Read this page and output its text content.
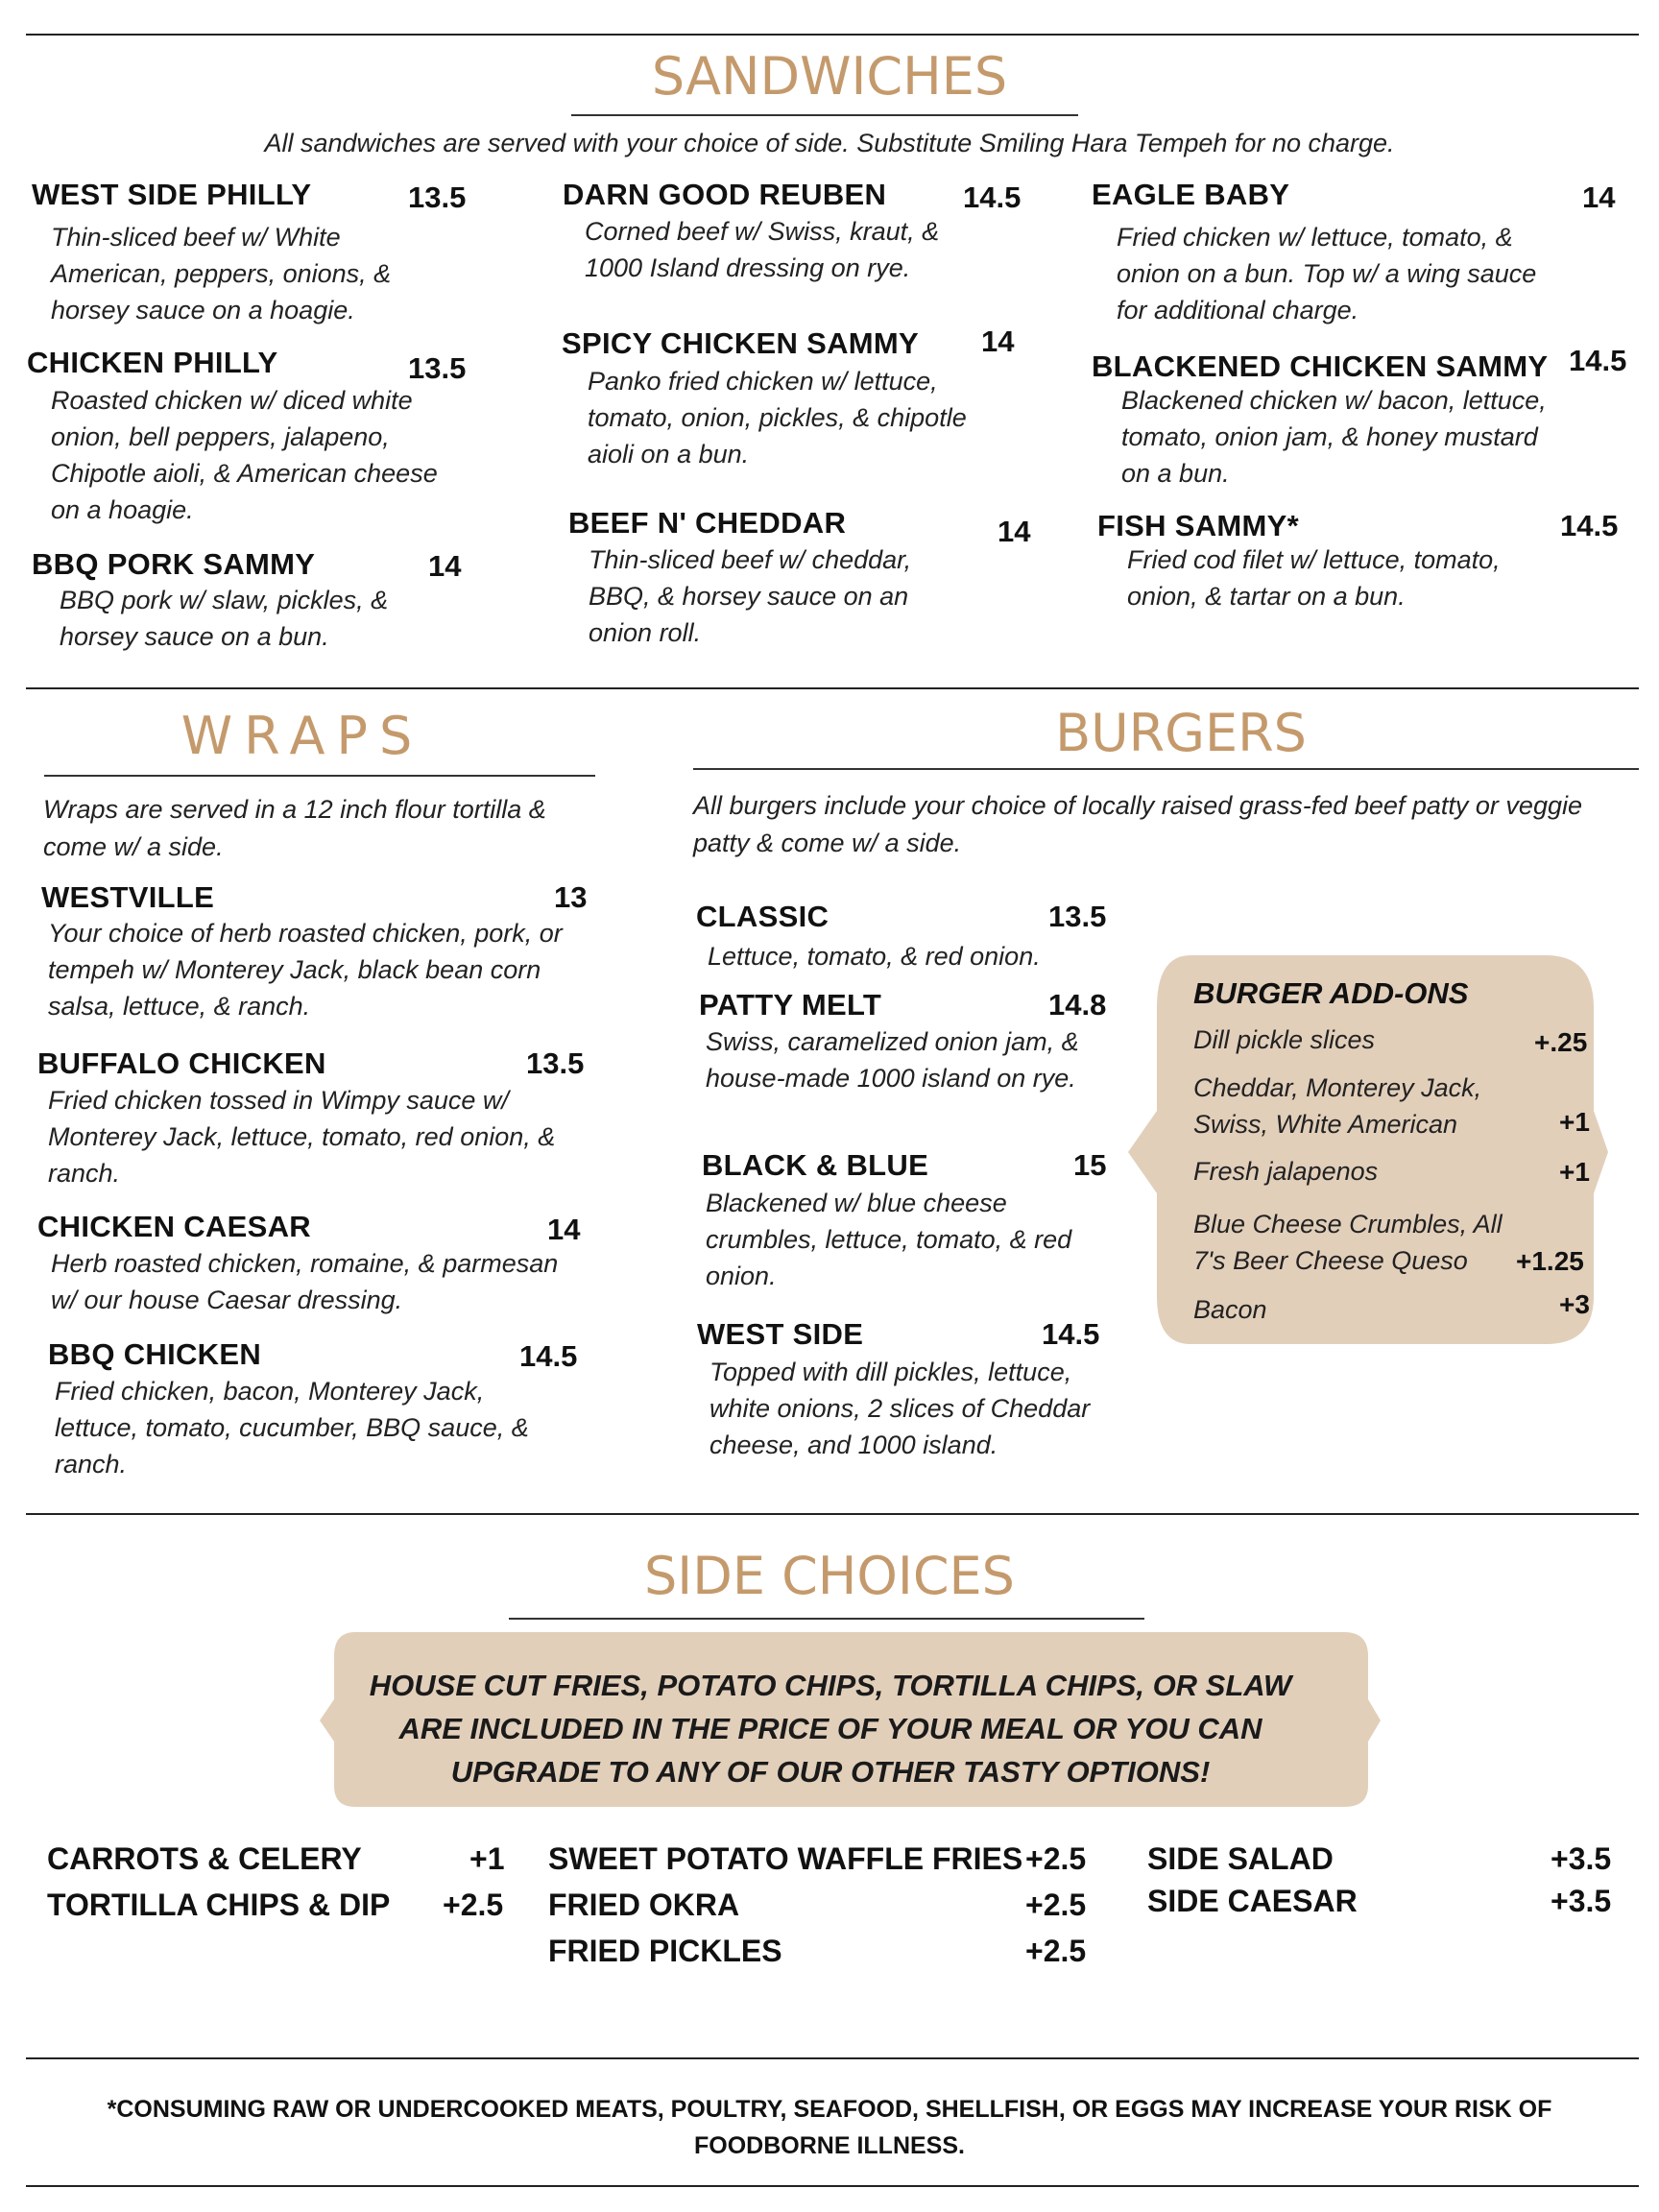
SANDWICHES
All sandwiches are served with your choice of side. Substitute Smiling Hara Tempeh for no charge.
WEST SIDE PHILLY	13.5
Thin-sliced beef w/ White American, peppers, onions, & horsey sauce on a hoagie.
CHICKEN PHILLY	13.5
Roasted chicken w/ diced white onion, bell peppers, jalapeno, Chipotle aioli, & American cheese on a hoagie.
BBQ PORK SAMMY	14
BBQ pork w/ slaw, pickles, & horsey sauce on a bun.
DARN GOOD REUBEN	14.5
Corned beef w/ Swiss, kraut, & 1000 Island dressing on rye.
SPICY CHICKEN SAMMY 14
Panko fried chicken w/ lettuce, tomato, onion, pickles, & chipotle aioli on a bun.
BEEF N' CHEDDAR	14
Thin-sliced beef w/ cheddar, BBQ, & horsey sauce on an onion roll.
EAGLE BABY	14
Fried chicken w/ lettuce, tomato, & onion on a bun. Top w/ a wing sauce for additional charge.
BLACKENED CHICKEN SAMMY 14.5
Blackened chicken w/ bacon, lettuce, tomato, onion jam, & honey mustard on a bun.
FISH SAMMY*	14.5
Fried cod filet w/ lettuce, tomato, onion, & tartar on a bun.
WRAPS
Wraps are served in a 12 inch flour tortilla & come w/ a side.
WESTVILLE	13
Your choice of herb roasted chicken, pork, or tempeh w/ Monterey Jack, black bean corn salsa, lettuce, & ranch.
BUFFALO CHICKEN	13.5
Fried chicken tossed in Wimpy sauce w/ Monterey Jack, lettuce, tomato, red onion, & ranch.
CHICKEN CAESAR	14
Herb roasted chicken, romaine, & parmesan w/ our house Caesar dressing.
BBQ CHICKEN	14.5
Fried chicken, bacon, Monterey Jack, lettuce, tomato, cucumber, BBQ sauce, & ranch.
BURGERS
All burgers include your choice of locally raised grass-fed beef patty or veggie patty & come w/ a side.
CLASSIC	13.5
Lettuce, tomato, & red onion.
PATTY MELT	14.8
Swiss, caramelized onion jam, & house-made 1000 island on rye.
BLACK & BLUE	15
Blackened w/ blue cheese crumbles, lettuce, tomato, & red onion.
WEST SIDE	14.5
Topped with dill pickles, lettuce, white onions, 2 slices of Cheddar cheese, and 1000 island.
BURGER ADD-ONS
Dill pickle slices	+.25
Cheddar, Monterey Jack, Swiss, White American	+1
Fresh jalapenos	+1
Blue Cheese Crumbles, All 7's Beer Cheese Queso	+1.25
Bacon	+3
SIDE CHOICES
HOUSE CUT FRIES, POTATO CHIPS, TORTILLA CHIPS, OR SLAW ARE INCLUDED IN THE PRICE OF YOUR MEAL OR YOU CAN UPGRADE TO ANY OF OUR OTHER TASTY OPTIONS!
CARROTS & CELERY	+1
TORTILLA CHIPS & DIP +2.5
SWEET POTATO WAFFLE FRIES +2.5
FRIED OKRA	+2.5
FRIED PICKLES	+2.5
SIDE SALAD	+3.5
SIDE CAESAR	+3.5
*CONSUMING RAW OR UNDERCOOKED MEATS, POULTRY, SEAFOOD, SHELLFISH, OR EGGS MAY INCREASE YOUR RISK OF FOODBORNE ILLNESS.
